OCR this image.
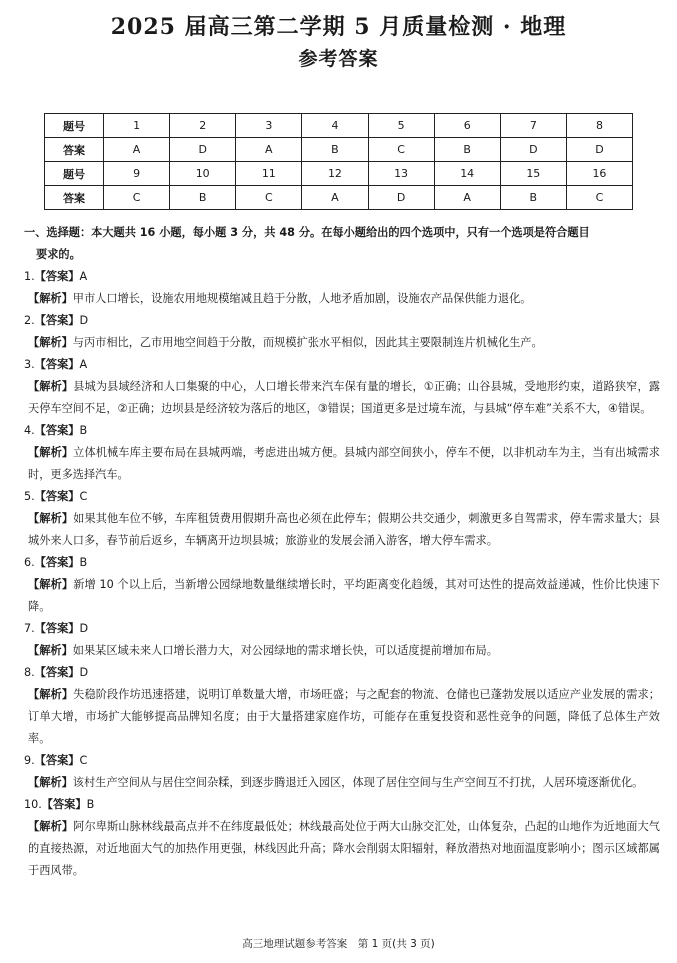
2025 届高三第二学期 5 月质量检测 · 地理
参考答案
题号	1	2	3	4	5	6	7	8
答案	A	D	A	B	C	B	D	D
题号	9	10	11	12	13	14	15	16
答案	C	B	C	A	D	A	B	C

一、选择题：本大题共 16 小题，每小题 3 分，共 48 分。在每小题给出的四个选项中，只有一个选项是符合题目

要求的。

1.【答案】A

【解析】甲市人口增长，设施农用地规模缩减且趋于分散，人地矛盾加剧，设施农产品保供能力退化。

2.【答案】D

【解析】与丙市相比，乙市用地空间趋于分散，而规模扩张水平相似，因此其主要限制连片机械化生产。

3.【答案】A

【解析】县城为县域经济和人口集聚的中心，人口增长带来汽车保有量的增长，①正确；山谷县城，受地形约束，道路狭窄，露天停车空间不足，②正确；边坝县是经济较为落后的地区，③错误；国道更多是过境车流，与县城“停车难”关系不大，④错误。

4.【答案】B

【解析】立体机械车库主要布局在县城两端，考虑进出城方便。县城内部空间狭小，停车不便，以非机动车为主，当有出城需求时，更多选择汽车。

5.【答案】C

【解析】如果其他车位不够，车库租赁费用假期升高也必须在此停车；假期公共交通少，刺激更多自驾需求，停车需求量大；县城外来人口多，春节前后返乡，车辆离开边坝县城；旅游业的发展会涌入游客，增大停车需求。

6.【答案】B

【解析】新增 10 个以上后，当新增公园绿地数量继续增长时，平均距离变化趋缓，其对可达性的提高效益递减，性价比快速下降。

7.【答案】D

【解析】如果某区域未来人口增长潜力大，对公园绿地的需求增长快，可以适度提前增加布局。

8.【答案】D

【解析】失稳阶段作坊迅速搭建，说明订单数量大增，市场旺盛；与之配套的物流、仓储也已蓬勃发展以适应产业发展的需求；订单大增，市场扩大能够提高品牌知名度；由于大量搭建家庭作坊，可能存在重复投资和恶性竞争的问题，降低了总体生产效率。

9.【答案】C

【解析】该村生产空间从与居住空间杂糅，到逐步腾退迁入园区，体现了居住空间与生产空间互不打扰，人居环境逐渐优化。

10.【答案】B

【解析】阿尔卑斯山脉林线最高点并不在纬度最低处；林线最高处位于两大山脉交汇处，山体复杂，凸起的山地作为近地面大气的直接热源，对近地面大气的加热作用更强，林线因此升高；降水会削弱太阳辐射，释放潜热对地面温度影响小；图示区域都属于西风带。

高三地理试题参考答案　第 1 页(共 3 页)
